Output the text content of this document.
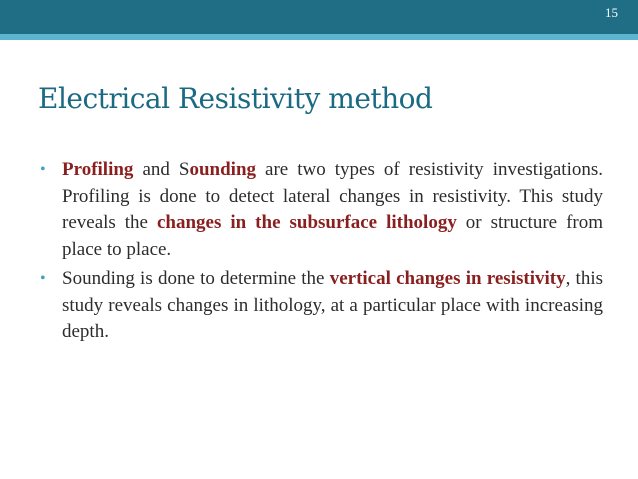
15
Electrical Resistivity method
• Profiling and Sounding are two types of resistivity investigations. Profiling is done to detect lateral changes in resistivity. This study reveals the changes in the subsurface lithology or structure from place to place.
• Sounding is done to determine the vertical changes in resistivity, this study reveals changes in lithology, at a particular place with increasing depth.
